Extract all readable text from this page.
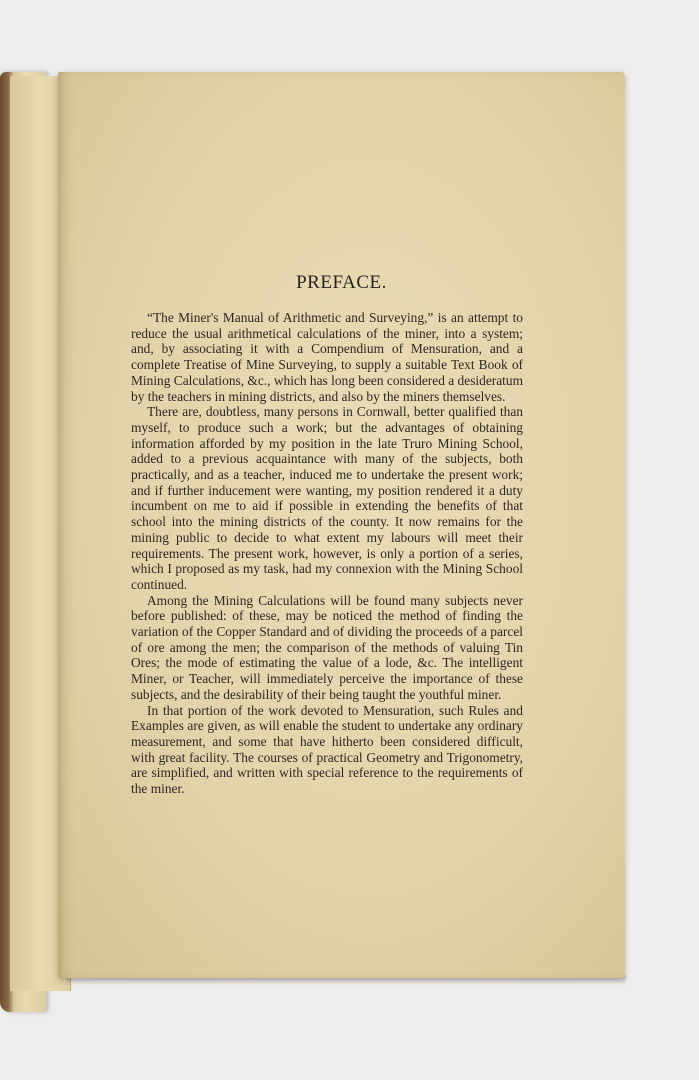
PREFACE.

“The Miner's Manual of Arithmetic and Surveying,” is an attempt to reduce the usual arithmetical calculations of the miner, into a system; and, by associating it with a Compendium of Mensuration, and a complete Treatise of Mine Surveying, to supply a suitable Text Book of Mining Calculations, &c., which has long been considered a desideratum by the teachers in mining districts, and also by the miners themselves.

There are, doubtless, many persons in Cornwall, better qualified than myself, to produce such a work; but the advantages of obtaining information afforded by my position in the late Truro Mining School, added to a previous acquaintance with many of the subjects, both practically, and as a teacher, induced me to undertake the present work; and if further inducement were wanting, my position rendered it a duty incumbent on me to aid if possible in extending the benefits of that school into the mining districts of the county. It now remains for the mining public to decide to what extent my labours will meet their requirements. The present work, however, is only a portion of a series, which I proposed as my task, had my connexion with the Mining School continued.

Among the Mining Calculations will be found many subjects never before published: of these, may be noticed the method of finding the variation of the Copper Standard and of dividing the proceeds of a parcel of ore among the men; the comparison of the methods of valuing Tin Ores; the mode of estimating the value of a lode, &c. The intelligent Miner, or Teacher, will immediately perceive the importance of these subjects, and the desirability of their being taught the youthful miner.

In that portion of the work devoted to Mensuration, such Rules and Examples are given, as will enable the student to undertake any ordinary measurement, and some that have hitherto been considered difficult, with great facility. The courses of practical Geometry and Trigonometry, are simplified, and written with special reference to the requirements of the miner.
